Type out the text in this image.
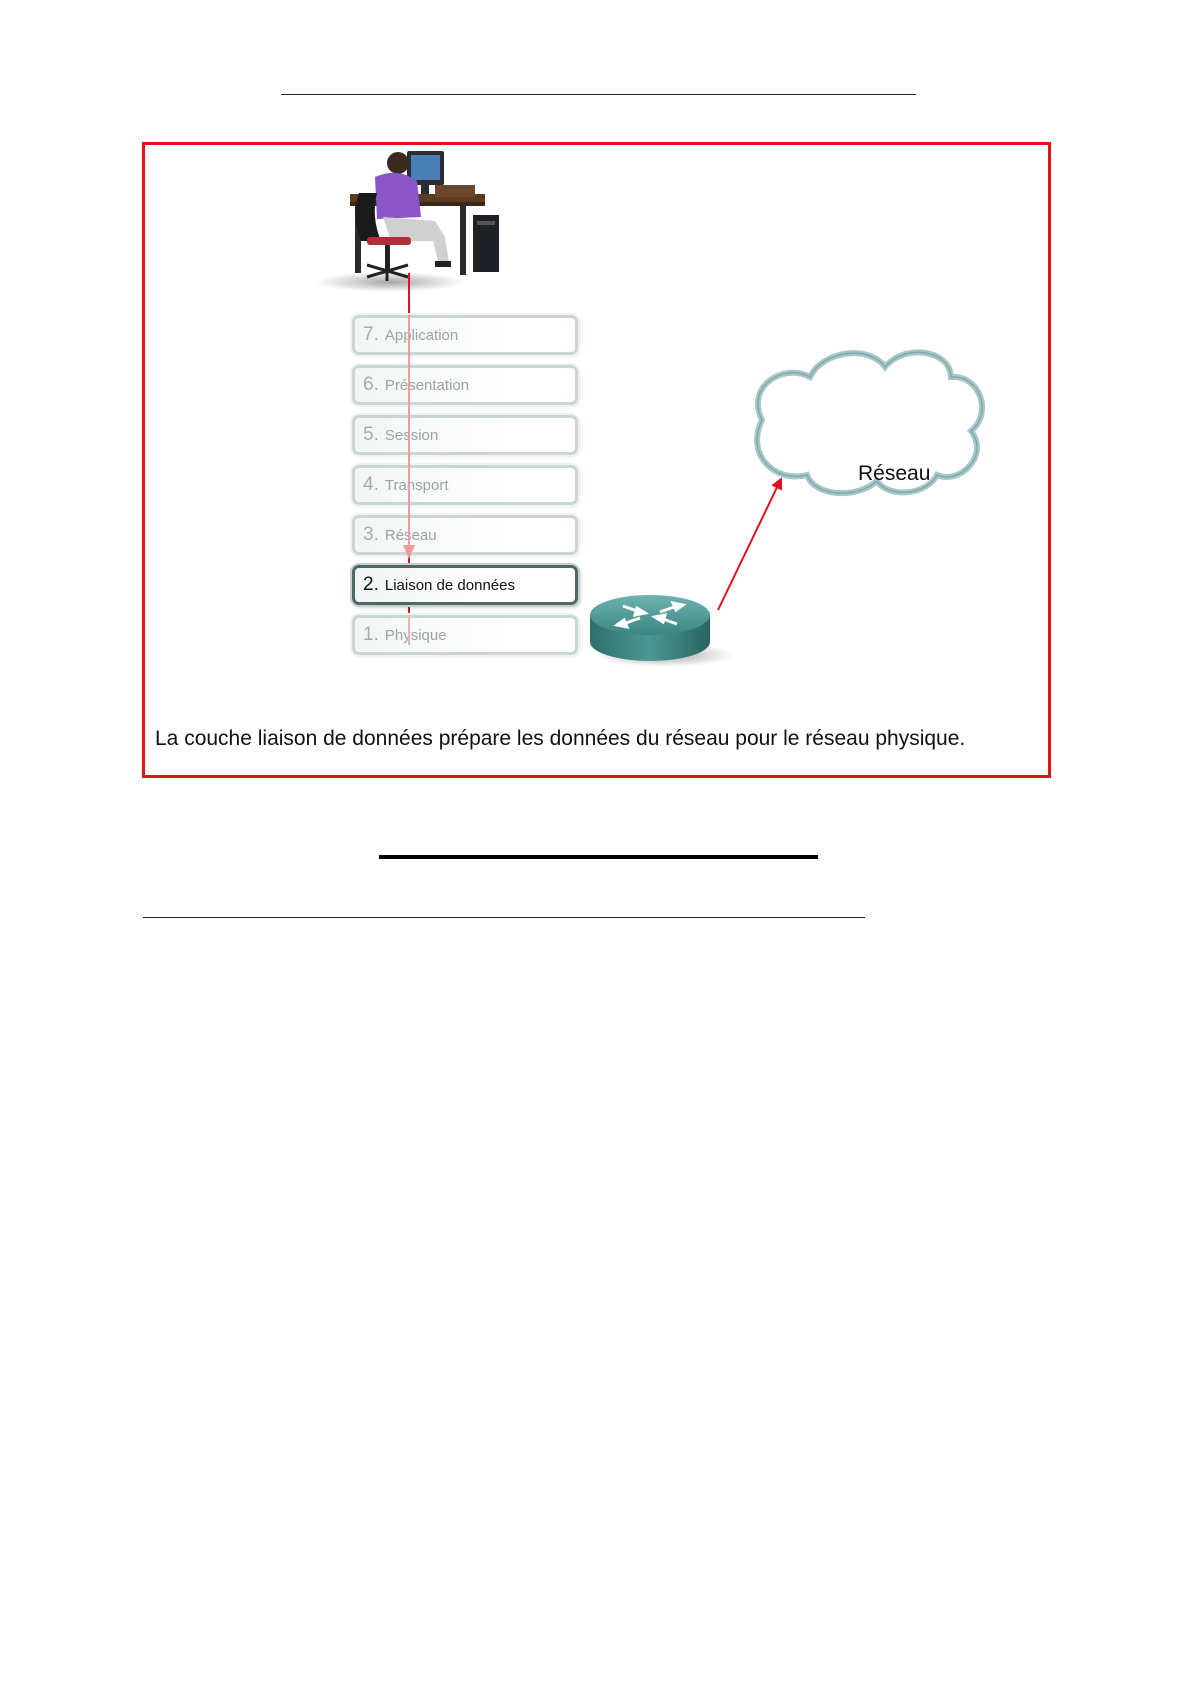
7. Application
6. Présentation
5. Session
4. Transport
3. Réseau
2. Liaison de données
1. Physique
Réseau
La couche liaison de données prépare les données du réseau pour le réseau physique.
